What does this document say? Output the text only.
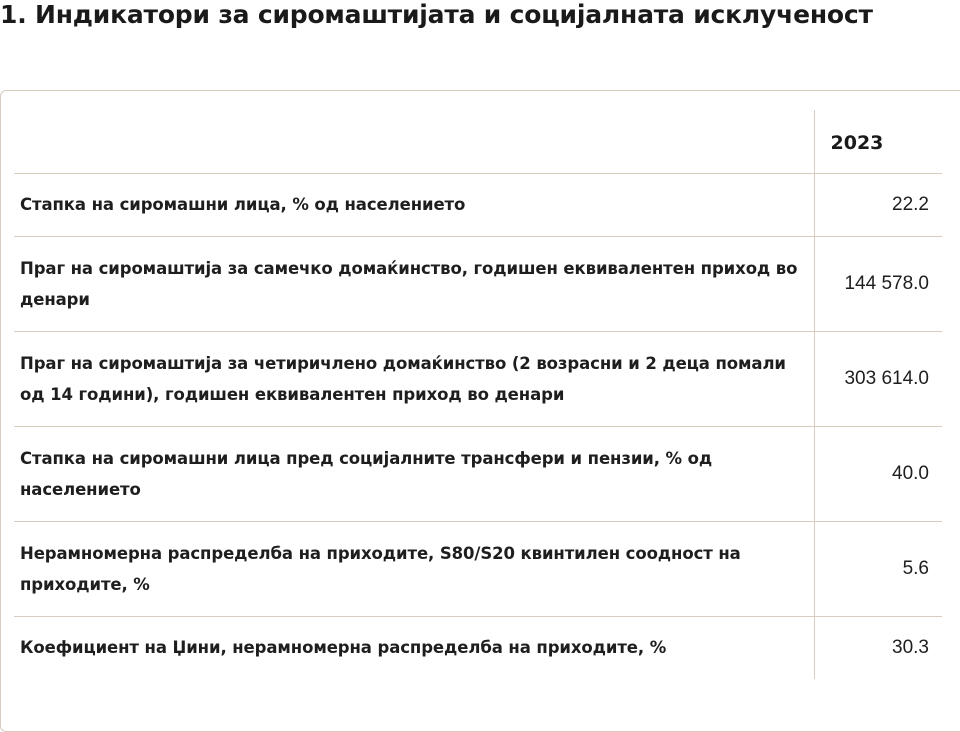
1. Индикатори за сиромаштијата и социјалната исклученост
	2023
Стапка на сиромашни лица, % од населението	22.2
Праг на сиромаштија за самечко домаќинство, годишен еквивалентен приход во денари	144 578.0
Праг на сиромаштија за четиричлено домаќинство (2 возрасни и 2 деца помали од 14 години), годишен еквивалентен приход во денари	303 614.0
Стапка на сиромашни лица пред социјалните трансфери и пензии, % од населението	40.0
Нерамномерна распределба на приходите, S80/S20 квинтилен соодност на приходите, %	5.6
Коефициент на Џини, нерамномерна распределба на приходите, %	30.3
